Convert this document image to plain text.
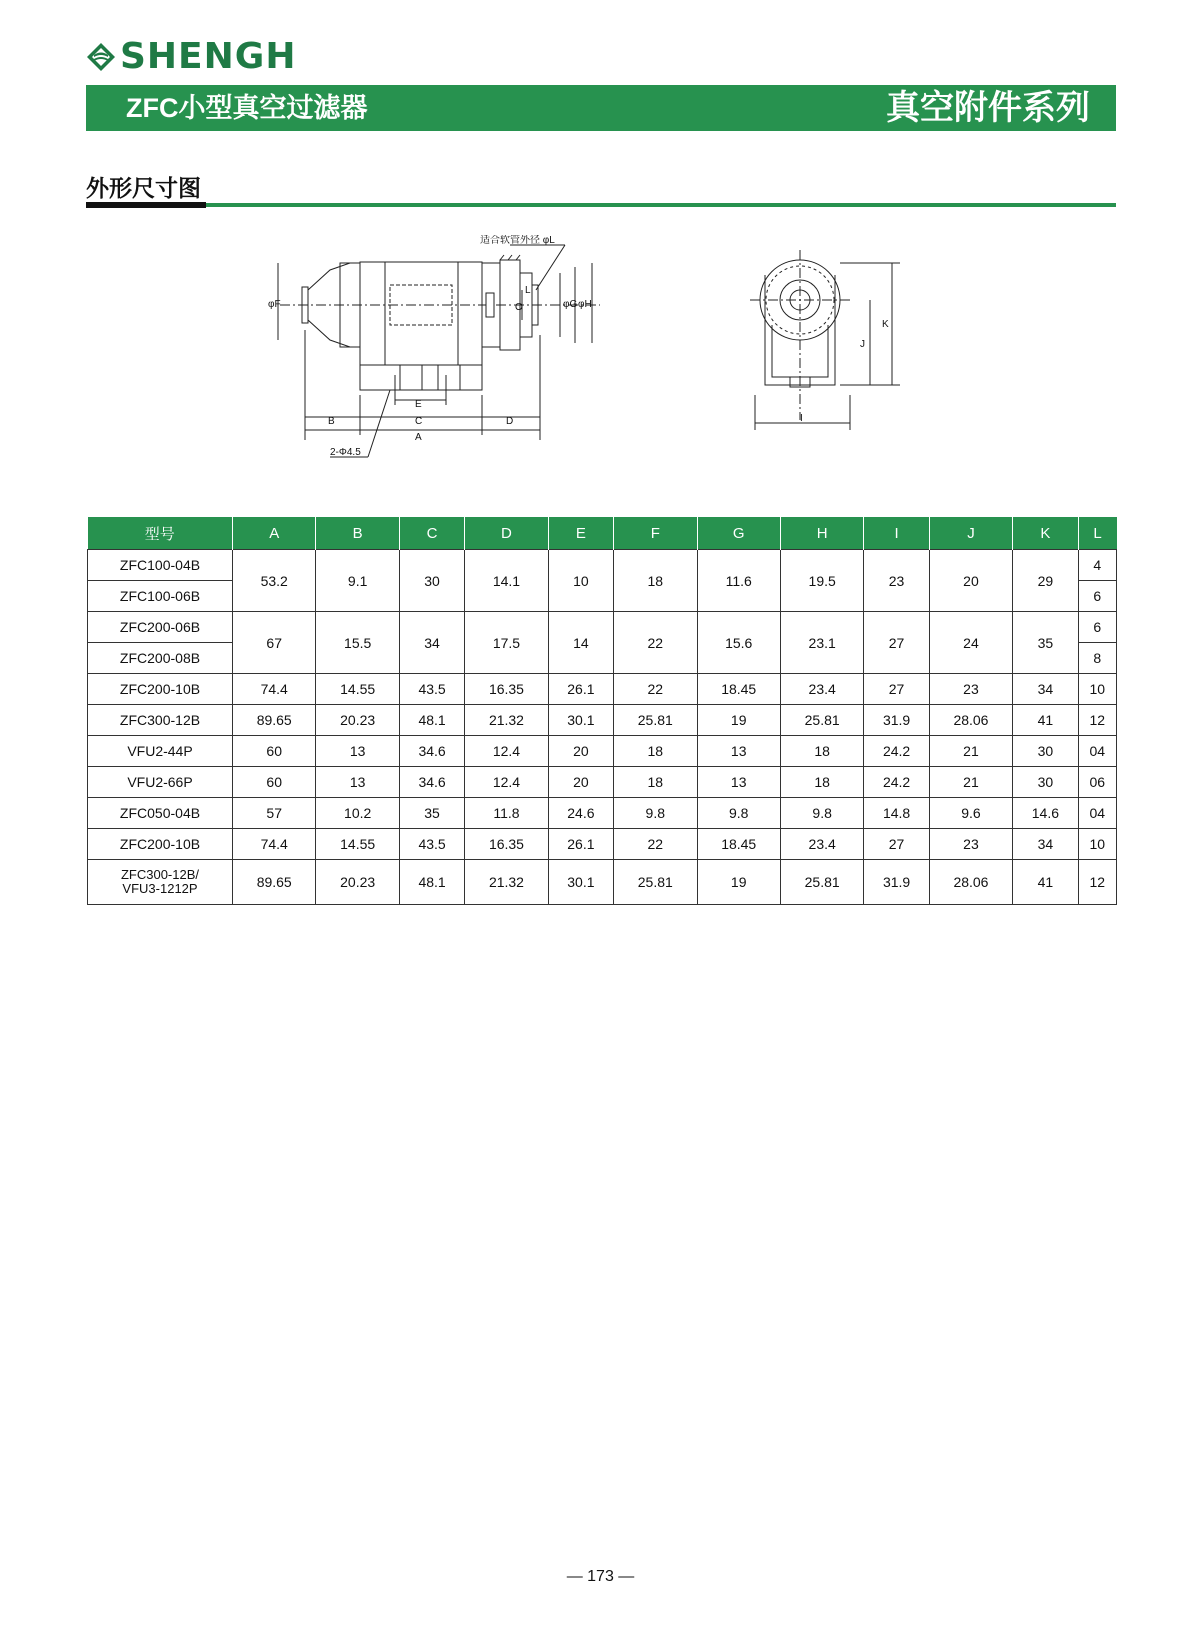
SHENGH
ZFC小型真空过滤器	真空附件系列
外形尺寸图
适合软管外径 φL
φF	O
L
φG φH
E
B	C	D
A
2-Φ4.5
J
K
I
型号	A	B	C	D	E	F	G	H	I	J	K	L
ZFC100-04B	53.2	9.1	30	14.1	10	18	11.6	19.5	23	20	29	4
ZFC100-06B												6
ZFC200-06B	67	15.5	34	17.5	14	22	15.6	23.1	27	24	35	6
ZFC200-08B												8
ZFC200-10B	74.4	14.55	43.5	16.35	26.1	22	18.45	23.4	27	23	34	10
ZFC300-12B	89.65	20.23	48.1	21.32	30.1	25.81	19	25.81	31.9	28.06	41	12
VFU2-44P	60	13	34.6	12.4	20	18	13	18	24.2	21	30	04
VFU2-66P	60	13	34.6	12.4	20	18	13	18	24.2	21	30	06
ZFC050-04B	57	10.2	35	11.8	24.6	9.8	9.8	9.8	14.8	9.6	14.6	04
ZFC200-10B	74.4	14.55	43.5	16.35	26.1	22	18.45	23.4	27	23	34	10
ZFC300-12B/
VFU3-1212P	89.65	20.23	48.1	21.32	30.1	25.81	19	25.81	31.9	28.06	41	12
— 173 —
